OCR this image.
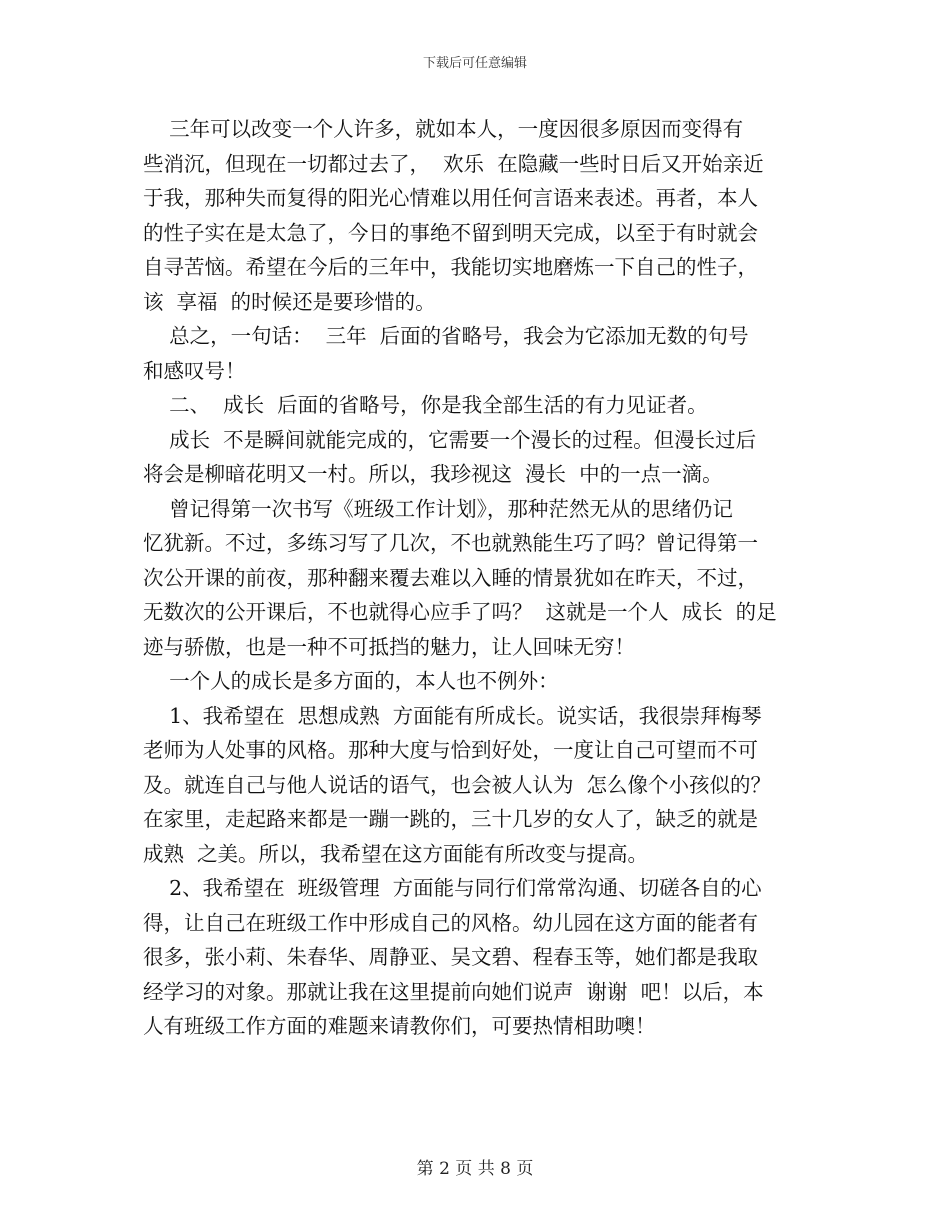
下载后可任意编辑
三年可以改变一个人许多，就如本人，一度因很多原因而变得有
些消沉，但现在一切都过去了，  欢乐  在隐藏一些时日后又开始亲近
于我，那种失而复得的阳光心情难以用任何言语来表述。再者，本人
的性子实在是太急了，今日的事绝不留到明天完成，以至于有时就会
自寻苦恼。希望在今后的三年中，我能切实地磨炼一下自己的性子，
该  享福  的时候还是要珍惜的。
总之，一句话：  三年  后面的省略号，我会为它添加无数的句号
和感叹号！
二、  成长  后面的省略号，你是我全部生活的有力见证者。
成长  不是瞬间就能完成的，它需要一个漫长的过程。但漫长过后
将会是柳暗花明又一村。所以，我珍视这  漫长  中的一点一滴。
曾记得第一次书写《班级工作计划》，那种茫然无从的思绪仍记
忆犹新。不过，多练习写了几次，不也就熟能生巧了吗？曾记得第一
次公开课的前夜，那种翻来覆去难以入睡的情景犹如在昨天，不过，
无数次的公开课后，不也就得心应手了吗？  这就是一个人  成长  的足
迹与骄傲，也是一种不可抵挡的魅力，让人回味无穷！
一个人的成长是多方面的，本人也不例外：
1、我希望在  思想成熟  方面能有所成长。说实话，我很崇拜梅琴
老师为人处事的风格。那种大度与恰到好处，一度让自己可望而不可
及。就连自己与他人说话的语气，也会被人认为  怎么像个小孩似的？
在家里，走起路来都是一蹦一跳的，三十几岁的女人了，缺乏的就是
成熟  之美。所以，我希望在这方面能有所改变与提高。
2、我希望在  班级管理  方面能与同行们常常沟通、切磋各自的心
得，让自己在班级工作中形成自己的风格。幼儿园在这方面的能者有
很多，张小莉、朱春华、周静亚、吴文碧、程春玉等，她们都是我取
经学习的对象。那就让我在这里提前向她们说声  谢谢  吧！以后，本
人有班级工作方面的难题来请教你们，可要热情相助噢！
第 2 页 共 8 页
